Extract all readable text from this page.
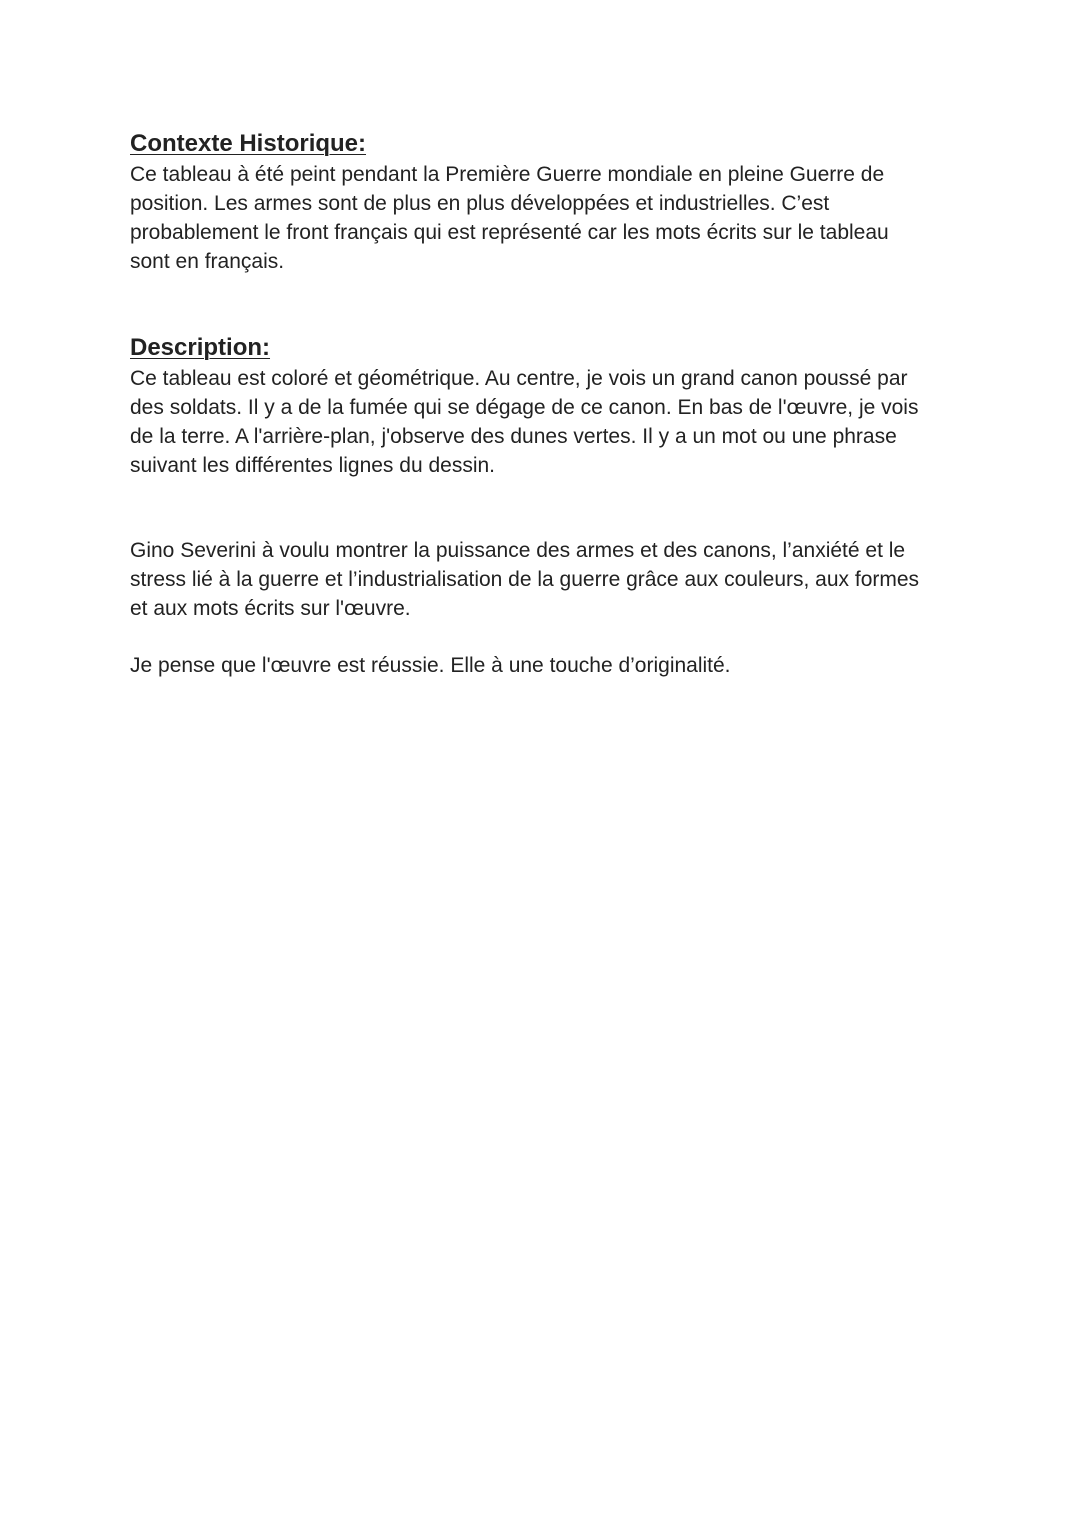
Contexte Historique:
Ce tableau à été peint pendant la Première Guerre mondiale en pleine Guerre de
position. Les armes sont de plus en plus développées et industrielles. C’est
probablement le front français qui est représenté car les mots écrits sur le tableau
sont en français.
Description:
Ce tableau est coloré et géométrique. Au centre, je vois un grand canon poussé par
des soldats. Il y a de la fumée qui se dégage de ce canon. En bas de l'œuvre, je vois
de la terre. A l'arrière-plan, j'observe des dunes vertes. Il y a un mot ou une phrase
suivant les différentes lignes du dessin.
Gino Severini à voulu montrer la puissance des armes et des canons, l’anxiété et le
stress lié à la guerre et l’industrialisation de la guerre grâce aux couleurs, aux formes
et aux mots écrits sur l'œuvre.
Je pense que l'œuvre est réussie. Elle à une touche d’originalité.
